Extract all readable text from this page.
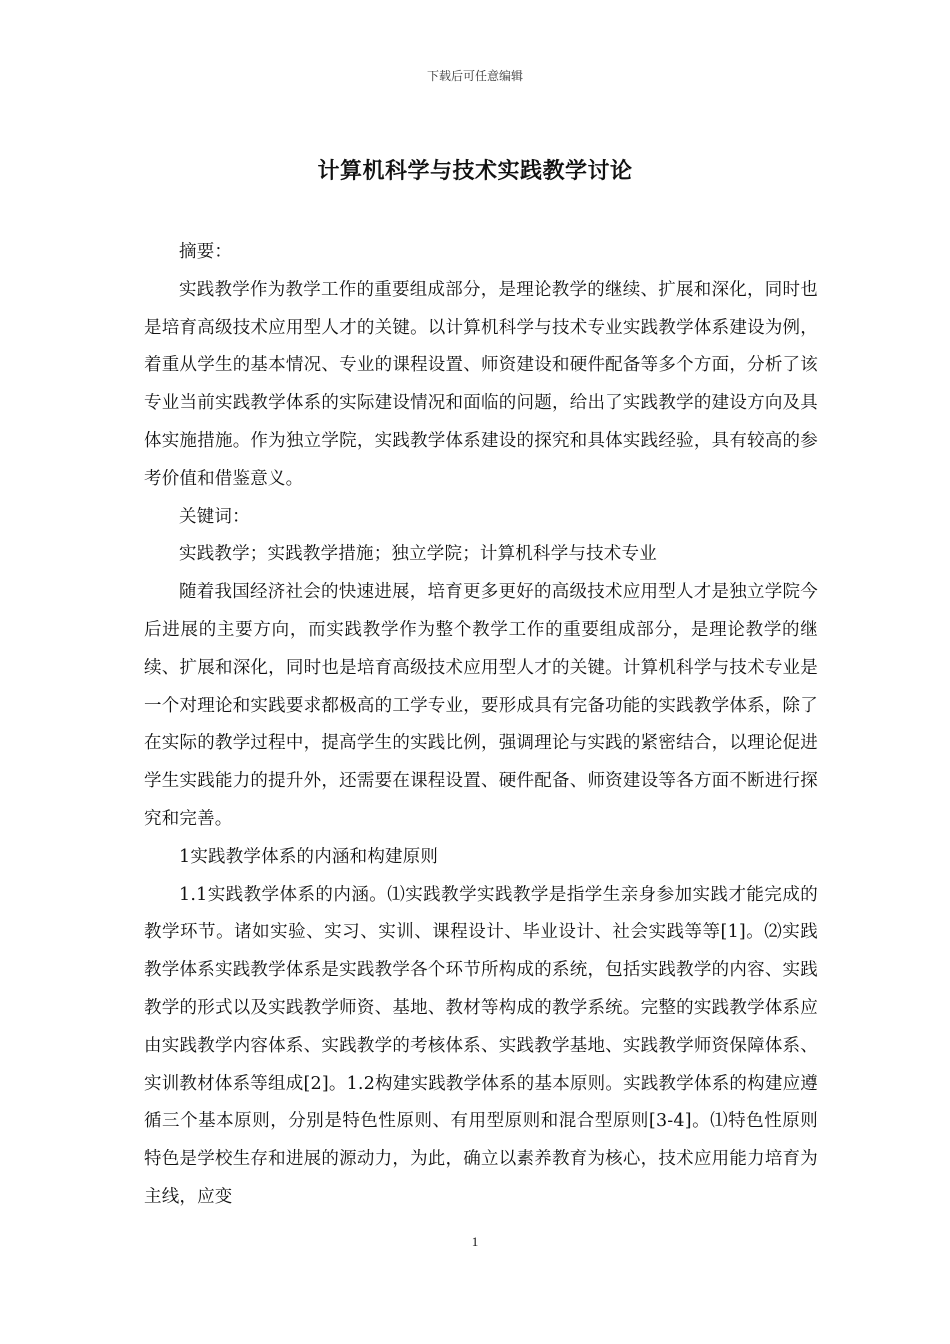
下载后可任意编辑
计算机科学与技术实践教学讨论

摘要：

实践教学作为教学工作的重要组成部分，是理论教学的继续、扩展和深化，同时也是培育高级技术应用型人才的关键。以计算机科学与技术专业实践教学体系建设为例，着重从学生的基本情况、专业的课程设置、师资建设和硬件配备等多个方面，分析了该专业当前实践教学体系的实际建设情况和面临的问题，给出了实践教学的建设方向及具体实施措施。作为独立学院，实践教学体系建设的探究和具体实践经验，具有较高的参考价值和借鉴意义。

关键词：

实践教学；实践教学措施；独立学院；计算机科学与技术专业

随着我国经济社会的快速进展，培育更多更好的高级技术应用型人才是独立学院今后进展的主要方向，而实践教学作为整个教学工作的重要组成部分，是理论教学的继续、扩展和深化，同时也是培育高级技术应用型人才的关键。计算机科学与技术专业是一个对理论和实践要求都极高的工学专业，要形成具有完备功能的实践教学体系，除了在实际的教学过程中，提高学生的实践比例，强调理论与实践的紧密结合，以理论促进学生实践能力的提升外，还需要在课程设置、硬件配备、师资建设等各方面不断进行探究和完善。

1实践教学体系的内涵和构建原则

1.1实践教学体系的内涵。⑴实践教学实践教学是指学生亲身参加实践才能完成的教学环节。诸如实验、实习、实训、课程设计、毕业设计、社会实践等等[1]。⑵实践教学体系实践教学体系是实践教学各个环节所构成的系统，包括实践教学的内容、实践教学的形式以及实践教学师资、基地、教材等构成的教学系统。完整的实践教学体系应由实践教学内容体系、实践教学的考核体系、实践教学基地、实践教学师资保障体系、实训教材体系等组成[2]。1.2构建实践教学体系的基本原则。实践教学体系的构建应遵循三个基本原则，分别是特色性原则、有用型原则和混合型原则[3-4]。⑴特色性原则特色是学校生存和进展的源动力，为此，确立以素养教育为核心，技术应用能力培育为主线，应变

1
